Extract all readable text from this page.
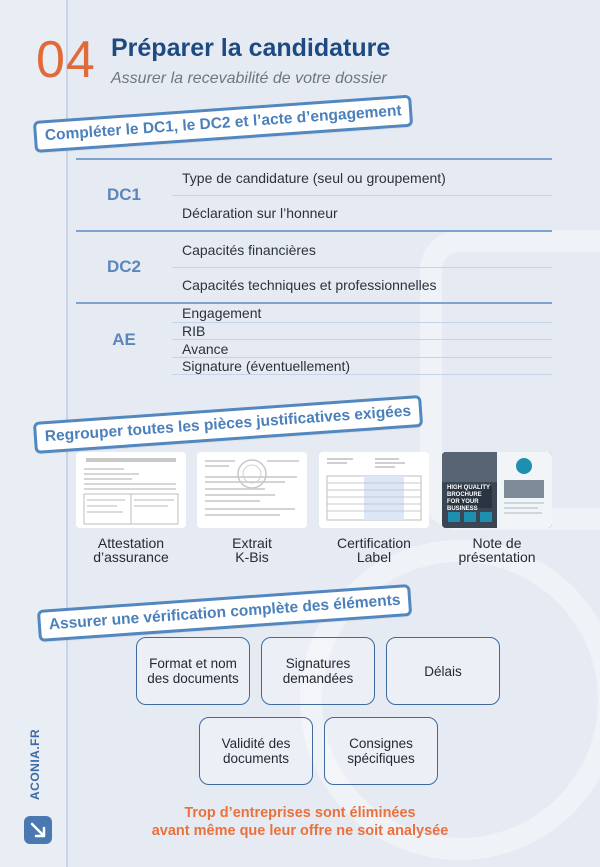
04 Préparer la candidature
Assurer la recevabilité de votre dossier
Compléter le DC1, le DC2 et l’acte d’engagement
DC1
Type de candidature (seul ou groupement)
Déclaration sur l’honneur
DC2
Capacités financières
Capacités techniques et professionnelles
AE
Engagement
RIB
Avance
Signature (éventuellement)
Regrouper toutes les pièces justificatives exigées
Attestation
d’assurance
Extrait
K-Bis
Certification
Label
HIGH QUALITY BROCHURE FOR YOUR BUSINESS
Note de
présentation
Assurer une vérification complète des éléments
Format et nom
des documents
Signatures
demandées	Délais
Validité des
documents
Consignes
spécifiques
Trop d’entreprises sont éliminées
avant même que leur offre ne soit analysée
ACONIA.FR
